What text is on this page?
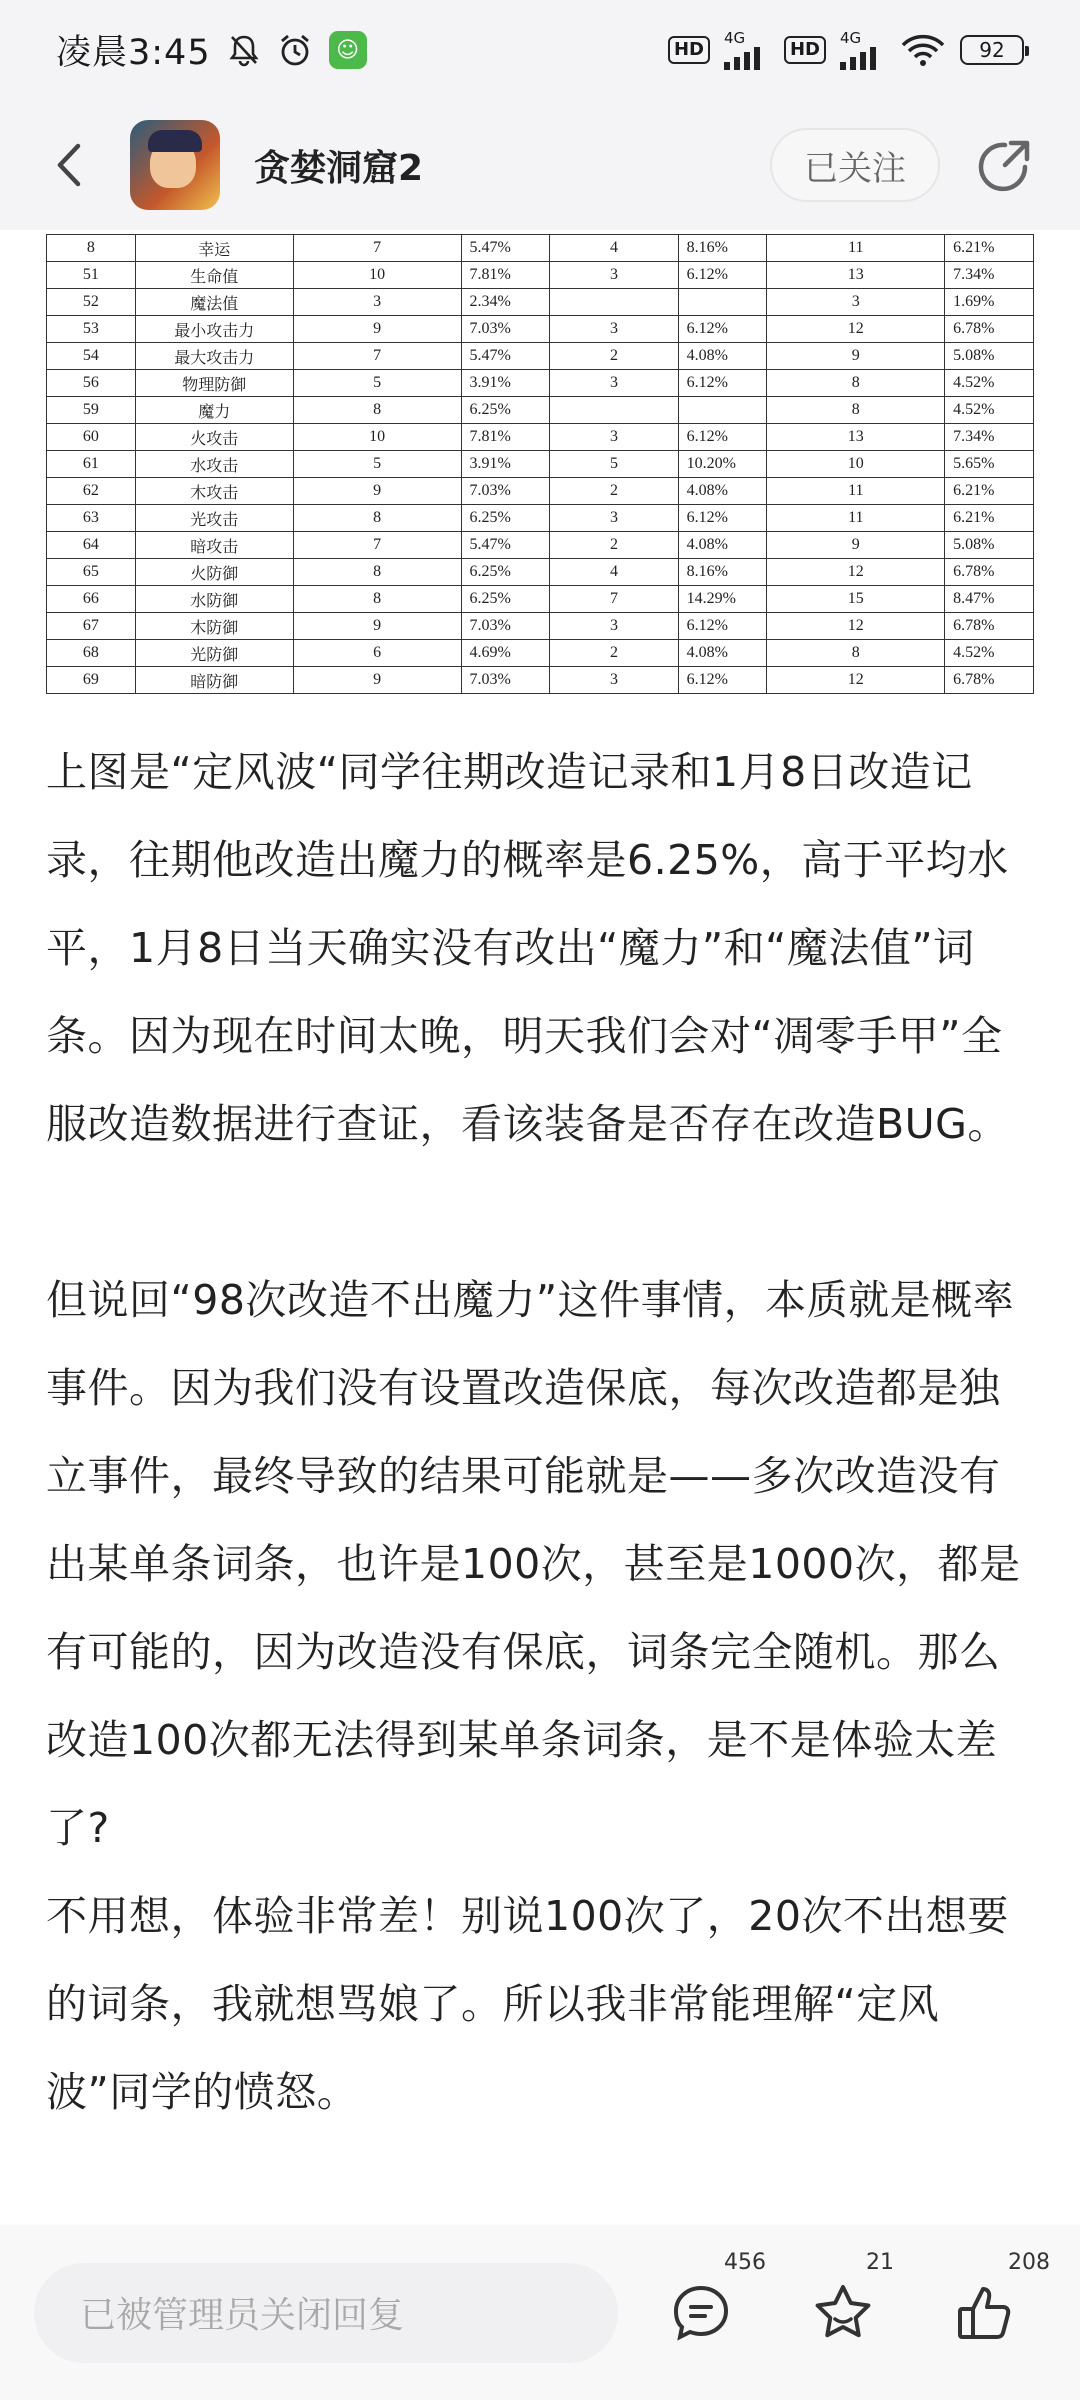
凌晨3:45	☺	HD
4G
HD
4G
92
贪婪洞窟2	已关注
8	幸运	7	5.47%	4	8.16%	11	6.21%
51	生命值	10	7.81%	3	6.12%	13	7.34%
52	魔法值	3	2.34%			3	1.69%
53	最小攻击力	9	7.03%	3	6.12%	12	6.78%
54	最大攻击力	7	5.47%	2	4.08%	9	5.08%
56	物理防御	5	3.91%	3	6.12%	8	4.52%
59	魔力	8	6.25%			8	4.52%
60	火攻击	10	7.81%	3	6.12%	13	7.34%
61	水攻击	5	3.91%	5	10.20%	10	5.65%
62	木攻击	9	7.03%	2	4.08%	11	6.21%
63	光攻击	8	6.25%	3	6.12%	11	6.21%
64	暗攻击	7	5.47%	2	4.08%	9	5.08%
65	火防御	8	6.25%	4	8.16%	12	6.78%
66	水防御	8	6.25%	7	14.29%	15	8.47%
67	木防御	9	7.03%	3	6.12%	12	6.78%
68	光防御	6	4.69%	2	4.08%	8	4.52%
69	暗防御	9	7.03%	3	6.12%	12	6.78%

上图是“定风波“同学往期改造记录和1月8日改造记录，往期他改造出魔力的概率是6.25%，高于平均水平，1月8日当天确实没有改出“魔力”和“魔法值”词条。因为现在时间太晚，明天我们会对“凋零手甲”全服改造数据进行查证，看该装备是否存在改造BUG。

但说回“98次改造不出魔力”这件事情，本质就是概率事件。因为我们没有设置改造保底，每次改造都是独立事件，最终导致的结果可能就是——多次改造没有出某单条词条，也许是100次，甚至是1000次，都是有可能的，因为改造没有保底，词条完全随机。那么改造100次都无法得到某单条词条，是不是体验太差了?

不用想，体验非常差！别说100次了，20次不出想要的词条，我就想骂娘了。所以我非常能理解“定风波”同学的愤怒。

已被管理员关闭回复
456	21	208
